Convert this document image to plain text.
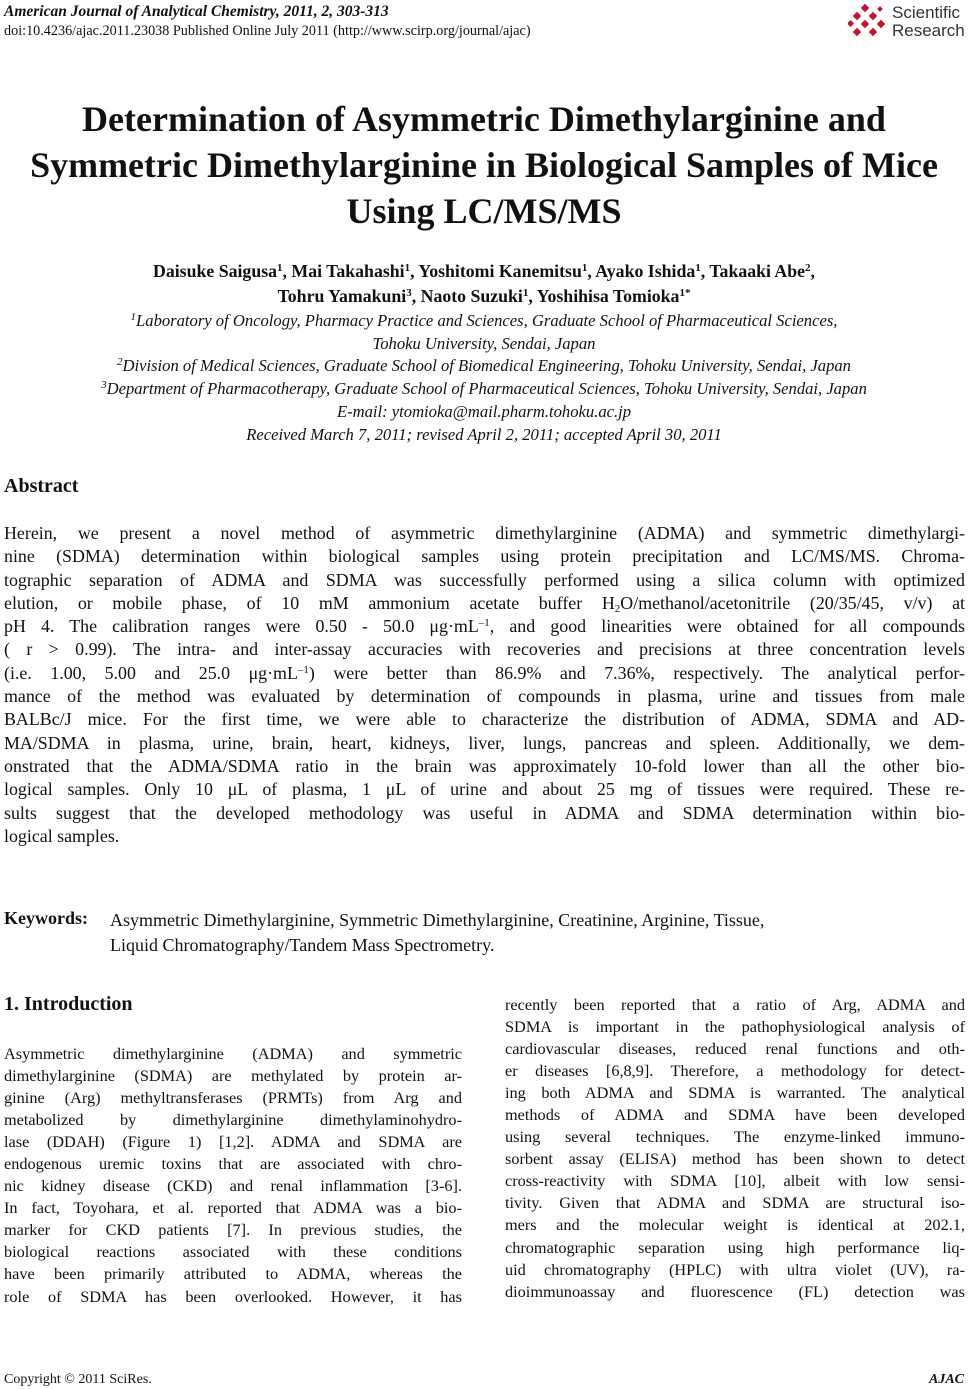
American Journal of Analytical Chemistry, 2011, 2, 303-313
doi:10.4236/ajac.2011.23038 Published Online July 2011 (http://www.scirp.org/journal/ajac)
Scientific
Research
Determination of Asymmetric Dimethylarginine and
Symmetric Dimethylarginine in Biological Samples of Mice
Using LC/MS/MS
Daisuke Saigusa$^1$, Mai Takahashi$^1$, Yoshitomi Kanemitsu$^1$, Ayako Ishida$^1$, Takaaki Abe$^2$,
Tohru Yamakuni$^3$, Naoto Suzuki$^1$, Yoshihisa Tomioka$^{1*}$
$^1$Laboratory of Oncology, Pharmacy Practice and Sciences, Graduate School of Pharmaceutical Sciences,
Tohoku University, Sendai, Japan
$^2$Division of Medical Sciences, Graduate School of Biomedical Engineering, Tohoku University, Sendai, Japan
$^3$Department of Pharmacotherapy, Graduate School of Pharmaceutical Sciences, Tohoku University, Sendai, Japan
E-mail: ytomioka@mail.pharm.tohoku.ac.jp
Received March 7, 2011; revised April 2, 2011; accepted April 30, 2011
Abstract
Herein, we present a novel method of asymmetric dimethylarginine (ADMA) and symmetric dimethylargi-
nine (SDMA) determination within biological samples using protein precipitation and LC/MS/MS. Chroma-
tographic separation of ADMA and SDMA was successfully performed using a silica column with optimized
elution, or mobile phase, of 10 mM ammonium acetate buffer $H_2O/methanol$/acetonitrile (20/35/45, v/v) at
pH 4. The calibration ranges were 0.50 - 50.0 $\mu g\cdot mL^{-1}$, and good linearities were obtained for all compounds
( r > 0.99). The intra- and inter-assay accuracies with recoveries and precisions at three concentration levels
(i.e. 1.00, 5.00 and 25.0 $\mu g\cdot mL^{-1}$) were better than 86.9% and 7.36%, respectively. The analytical perfor-
mance of the method was evaluated by determination of compounds in plasma, urine and tissues from male
BALBc/J mice. For the first time, we were able to characterize the distribution of ADMA, SDMA and AD-
MA/SDMA in plasma, urine, brain, heart, kidneys, liver, lungs, pancreas and spleen. Additionally, we dem-
onstrated that the ADMA/SDMA ratio in the brain was approximately 10-fold lower than all the other bio-
logical samples. Only 10 μL of plasma, 1 μL of urine and about 25 mg of tissues were required. These re-
sults suggest that the developed methodology was useful in ADMA and SDMA determination within bio-
logical samples.
Keywords: Asymmetric Dimethylarginine, Symmetric Dimethylarginine, Creatinine, Arginine, Tissue,
Liquid Chromatography/Tandem Mass Spectrometry.
1. Introduction
Asymmetric dimethylarginine (ADMA) and symmetric
dimethylarginine (SDMA) are methylated by protein ar-
ginine (Arg) methyltransferases (PRMTs) from Arg and
metabolized by dimethylarginine dimethylaminohydro-
lase (DDAH) (Figure 1) [1,2]. ADMA and SDMA are
endogenous uremic toxins that are associated with chro-
nic kidney disease (CKD) and renal inflammation [3-6].
In fact, Toyohara, et al. reported that ADMA was a bio-
marker for CKD patients [7]. In previous studies, the
biological reactions associated with these conditions
have been primarily attributed to ADMA, whereas the
role of SDMA has been overlooked. However, it has
recently been reported that a ratio of Arg, ADMA and
SDMA is important in the pathophysiological analysis of
cardiovascular diseases, reduced renal functions and oth-
er diseases [6,8,9]. Therefore, a methodology for detect-
ing both ADMA and SDMA is warranted. The analytical
methods of ADMA and SDMA have been developed
using several techniques. The enzyme-linked immuno-
sorbent assay (ELISA) method has been shown to detect
cross-reactivity with SDMA [10], albeit with low sensi-
tivity. Given that ADMA and SDMA are structural iso-
mers and the molecular weight is identical at 202.1,
chromatographic separation using high performance liq-
uid chromatography (HPLC) with ultra violet (UV), ra-
dioimmunoassay and fluorescence (FL) detection was
Copyright © 2011 SciRes.	AJAC
